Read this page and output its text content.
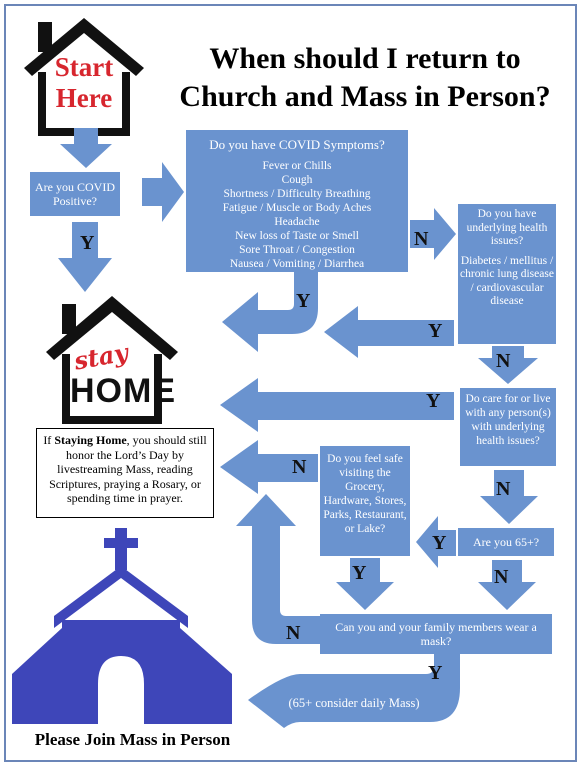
When should I return to Church and Mass in Person?
Start
Here
Are you COVID Positive?
Y
Do you have COVID Symptoms?
Fever or Chills
Cough
Shortness / Difficulty Breathing
Fatigue / Muscle or Body Aches
Headache
New loss of Taste or Smell
Sore Throat / Congestion
Nausea / Vomiting / Diarrhea
N
Do you have underlying health issues?
Diabetes / mellitus / chronic lung disease / cardiovascular disease
Y
Y
N
stay
HOME	Do care for or live with any person(s) with underlying health issues?
Y
N
Are you 65+?
Y
N
Do you feel safe visiting the Grocery, Hardware, Stores, Parks, Restaurant, or Lake?
N
Y
Can you and your family members wear a mask?
N
Y
(65+ consider daily Mass)
If Staying Home, you should still honor the Lord’s Day by livestreaming Mass, reading Scriptures, praying a Rosary, or spending time in prayer.
Please Join Mass in Person
